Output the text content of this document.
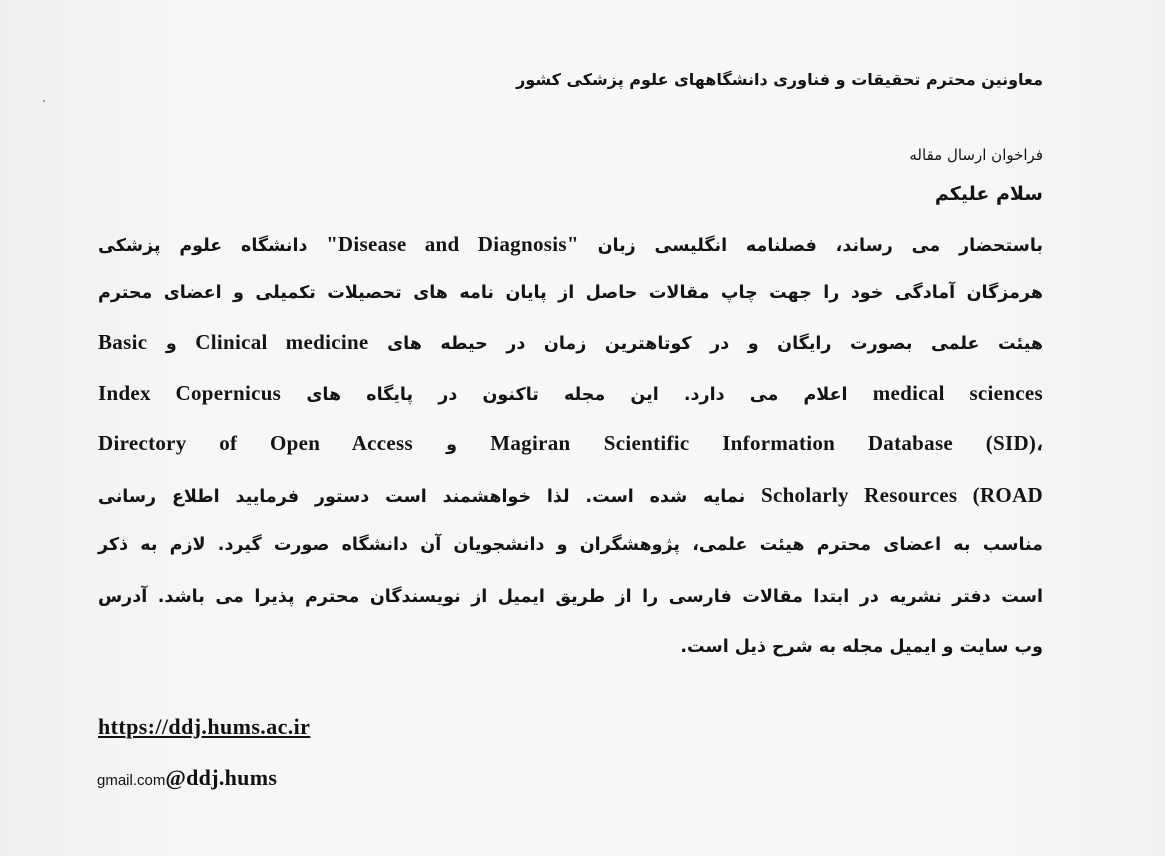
معاونین محترم تحقیقات و فناوری دانشگاههای علوم پزشکی کشور
فراخوان ارسال مقاله
سلام علیکم
باستحضار می رساند، فصلنامه انگلیسی زبان "Disease and Diagnosis" دانشگاه علوم پزشکی
هرمزگان آمادگی خود را جهت چاپ مقالات حاصل از پایان نامه های تحصیلات تکمیلی و اعضای محترم
هیئت علمی بصورت رایگان و در کوتاهترین زمان در حیطه های Clinical medicine و Basic
medical sciences اعلام می دارد. این مجله تاکنون در پایگاه های Index Copernicus
Scientific Information Database (SID)، Magiran و Directory of Open Access
Scholarly Resources (ROAD نمایه شده است. لذا خواهشمند است دستور فرمایید اطلاع رسانی
مناسب به اعضای محترم هیئت علمی، پژوهشگران و دانشجویان آن دانشگاه صورت گیرد. لازم به ذکر
است دفتر نشریه در ابتدا مقالات فارسی را از طریق ایمیل از نویسندگان محترم پذیرا می باشد. آدرس
وب سایت و ایمیل مجله به شرح ذیل است.
https://ddj.hums.ac.ir
gmail.com@ddj.hums
